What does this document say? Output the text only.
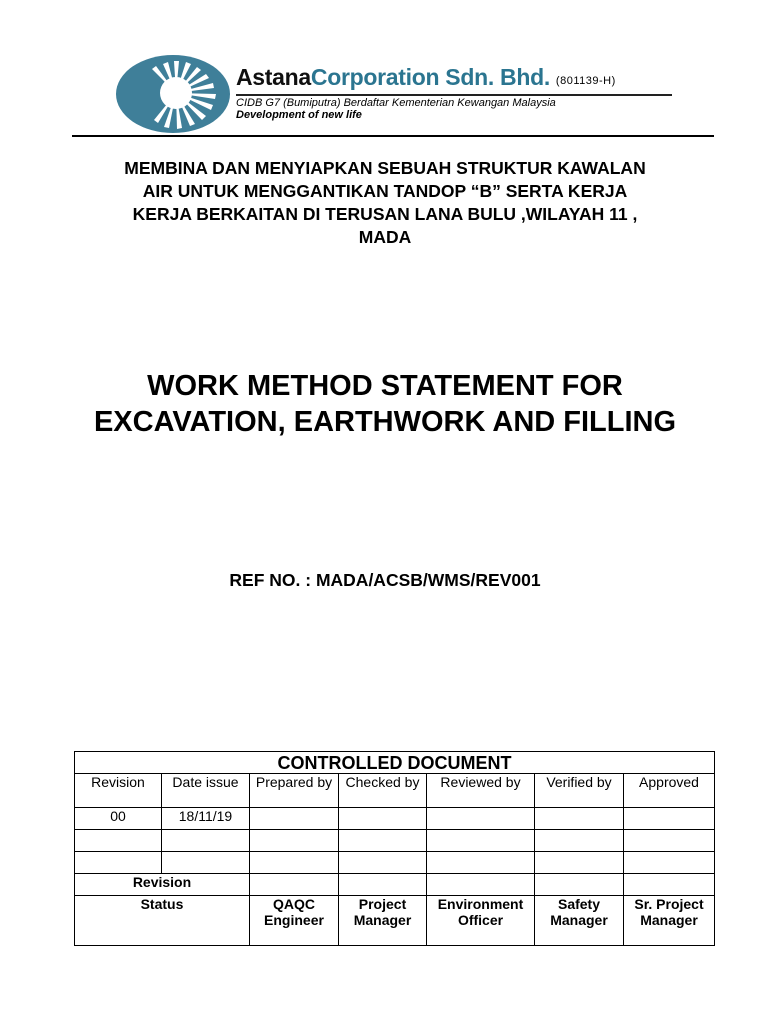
AstanaCorporation Sdn. Bhd. (801139-H)
CIDB G7 (Bumiputra) Berdaftar Kementerian Kewangan Malaysia
Development of new life
MEMBINA DAN MENYIAPKAN SEBUAH STRUKTUR KAWALAN
AIR UNTUK MENGGANTIKAN TANDOP “B” SERTA KERJA
KERJA BERKAITAN DI TERUSAN LANA BULU ,WILAYAH 11 ,
MADA
WORK METHOD STATEMENT FOR
EXCAVATION, EARTHWORK AND FILLING
REF NO. : MADA/ACSB/WMS/REV001
CONTROLLED DOCUMENT						
Revision	Date issue	Prepared by	Checked by	Reviewed by	Verified by	Approved
00	18/11/19					

Revision						
Status		QAQC Engineer	Project Manager	Environment Officer	Safety Manager	Sr. Project Manager
